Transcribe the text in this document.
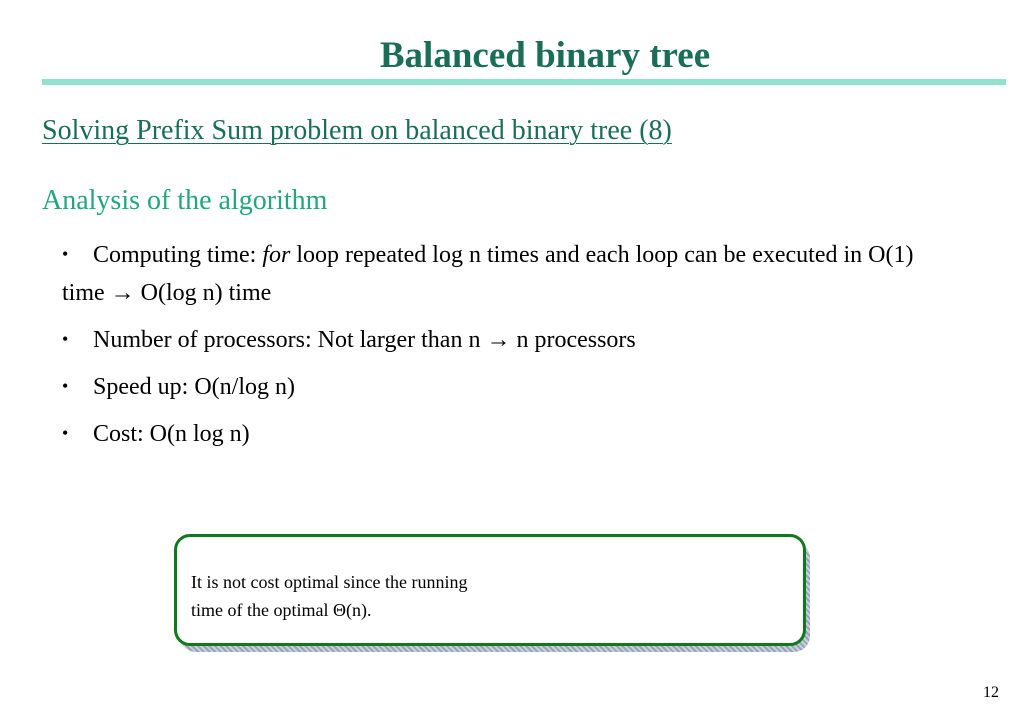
Balanced binary tree
Solving Prefix Sum problem on balanced binary tree (8)
Analysis of the algorithm
• Computing time: for loop repeated log n times and each loop can be executed in O(1) time → O(log n) time
• Number of processors: Not larger than n → n processors
• Speed up: O(n/log n)
• Cost: O(n log n)
It is not cost optimal since the running
time of the optimal Θ(n).
12
